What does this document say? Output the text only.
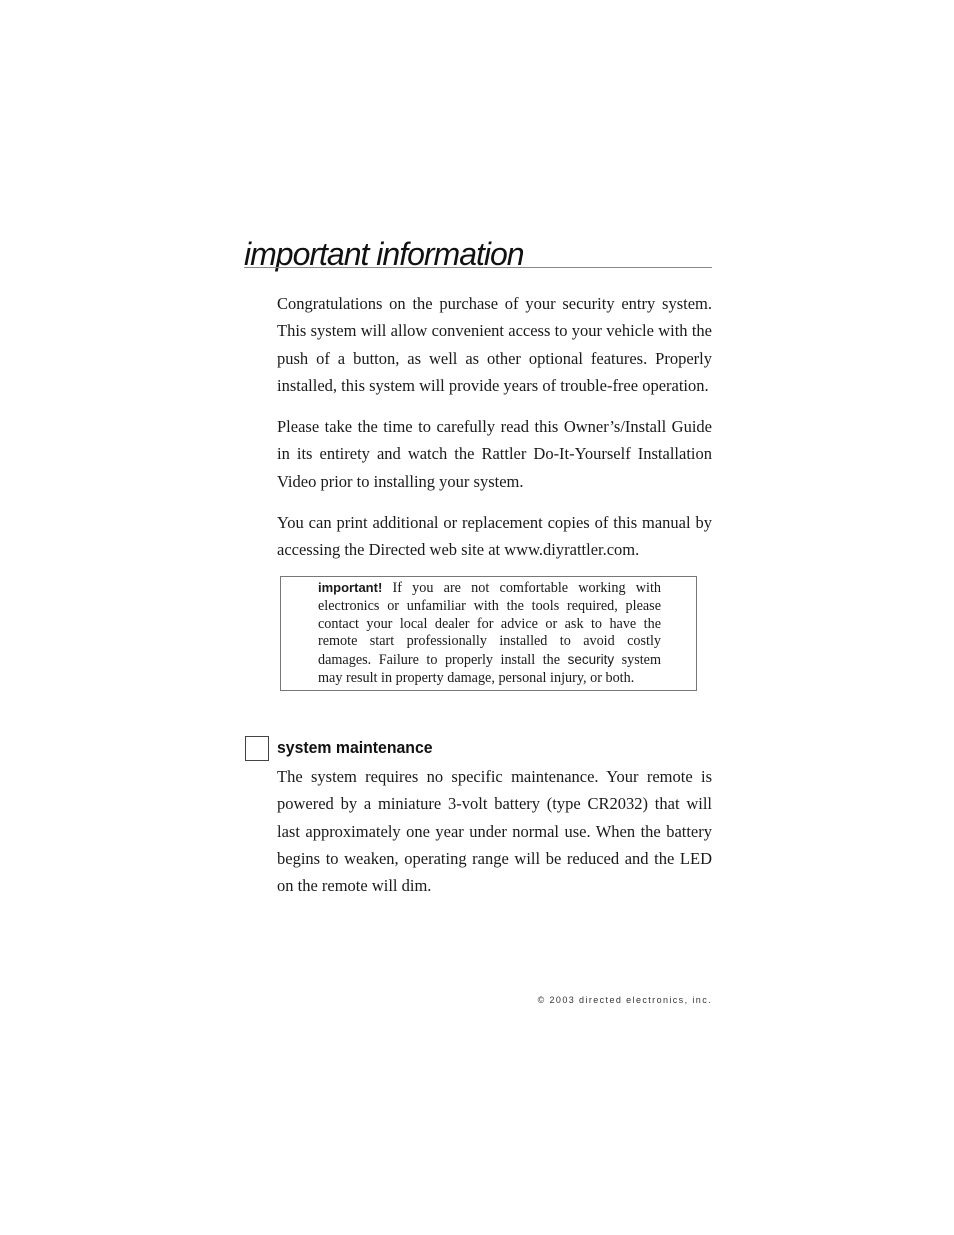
important information

Congratulations on the purchase of your security entry system. This system will allow convenient access to your vehicle with the push of a button, as well as other optional features. Properly installed, this system will provide years of trouble-free operation.

Please take the time to carefully read this Owner’s/Install Guide in its entirety and watch the Rattler Do-It-Yourself Installation Video prior to installing your system.

You can print additional or replacement copies of this manual by accessing the Directed web site at www.diyrattler.com.

important! If you are not comfortable working with electronics or unfamiliar with the tools required, please contact your local dealer for advice or ask to have the remote start professionally installed to avoid costly damages. Failure to properly install the security system may result in property damage, personal injury, or both.

system maintenance

The system requires no specific maintenance. Your remote is powered by a miniature 3-volt battery (type CR2032) that will last approximately one year under normal use. When the battery begins to weaken, operating range will be reduced and the LED on the remote will dim.

© 2003 directed electronics, inc.
